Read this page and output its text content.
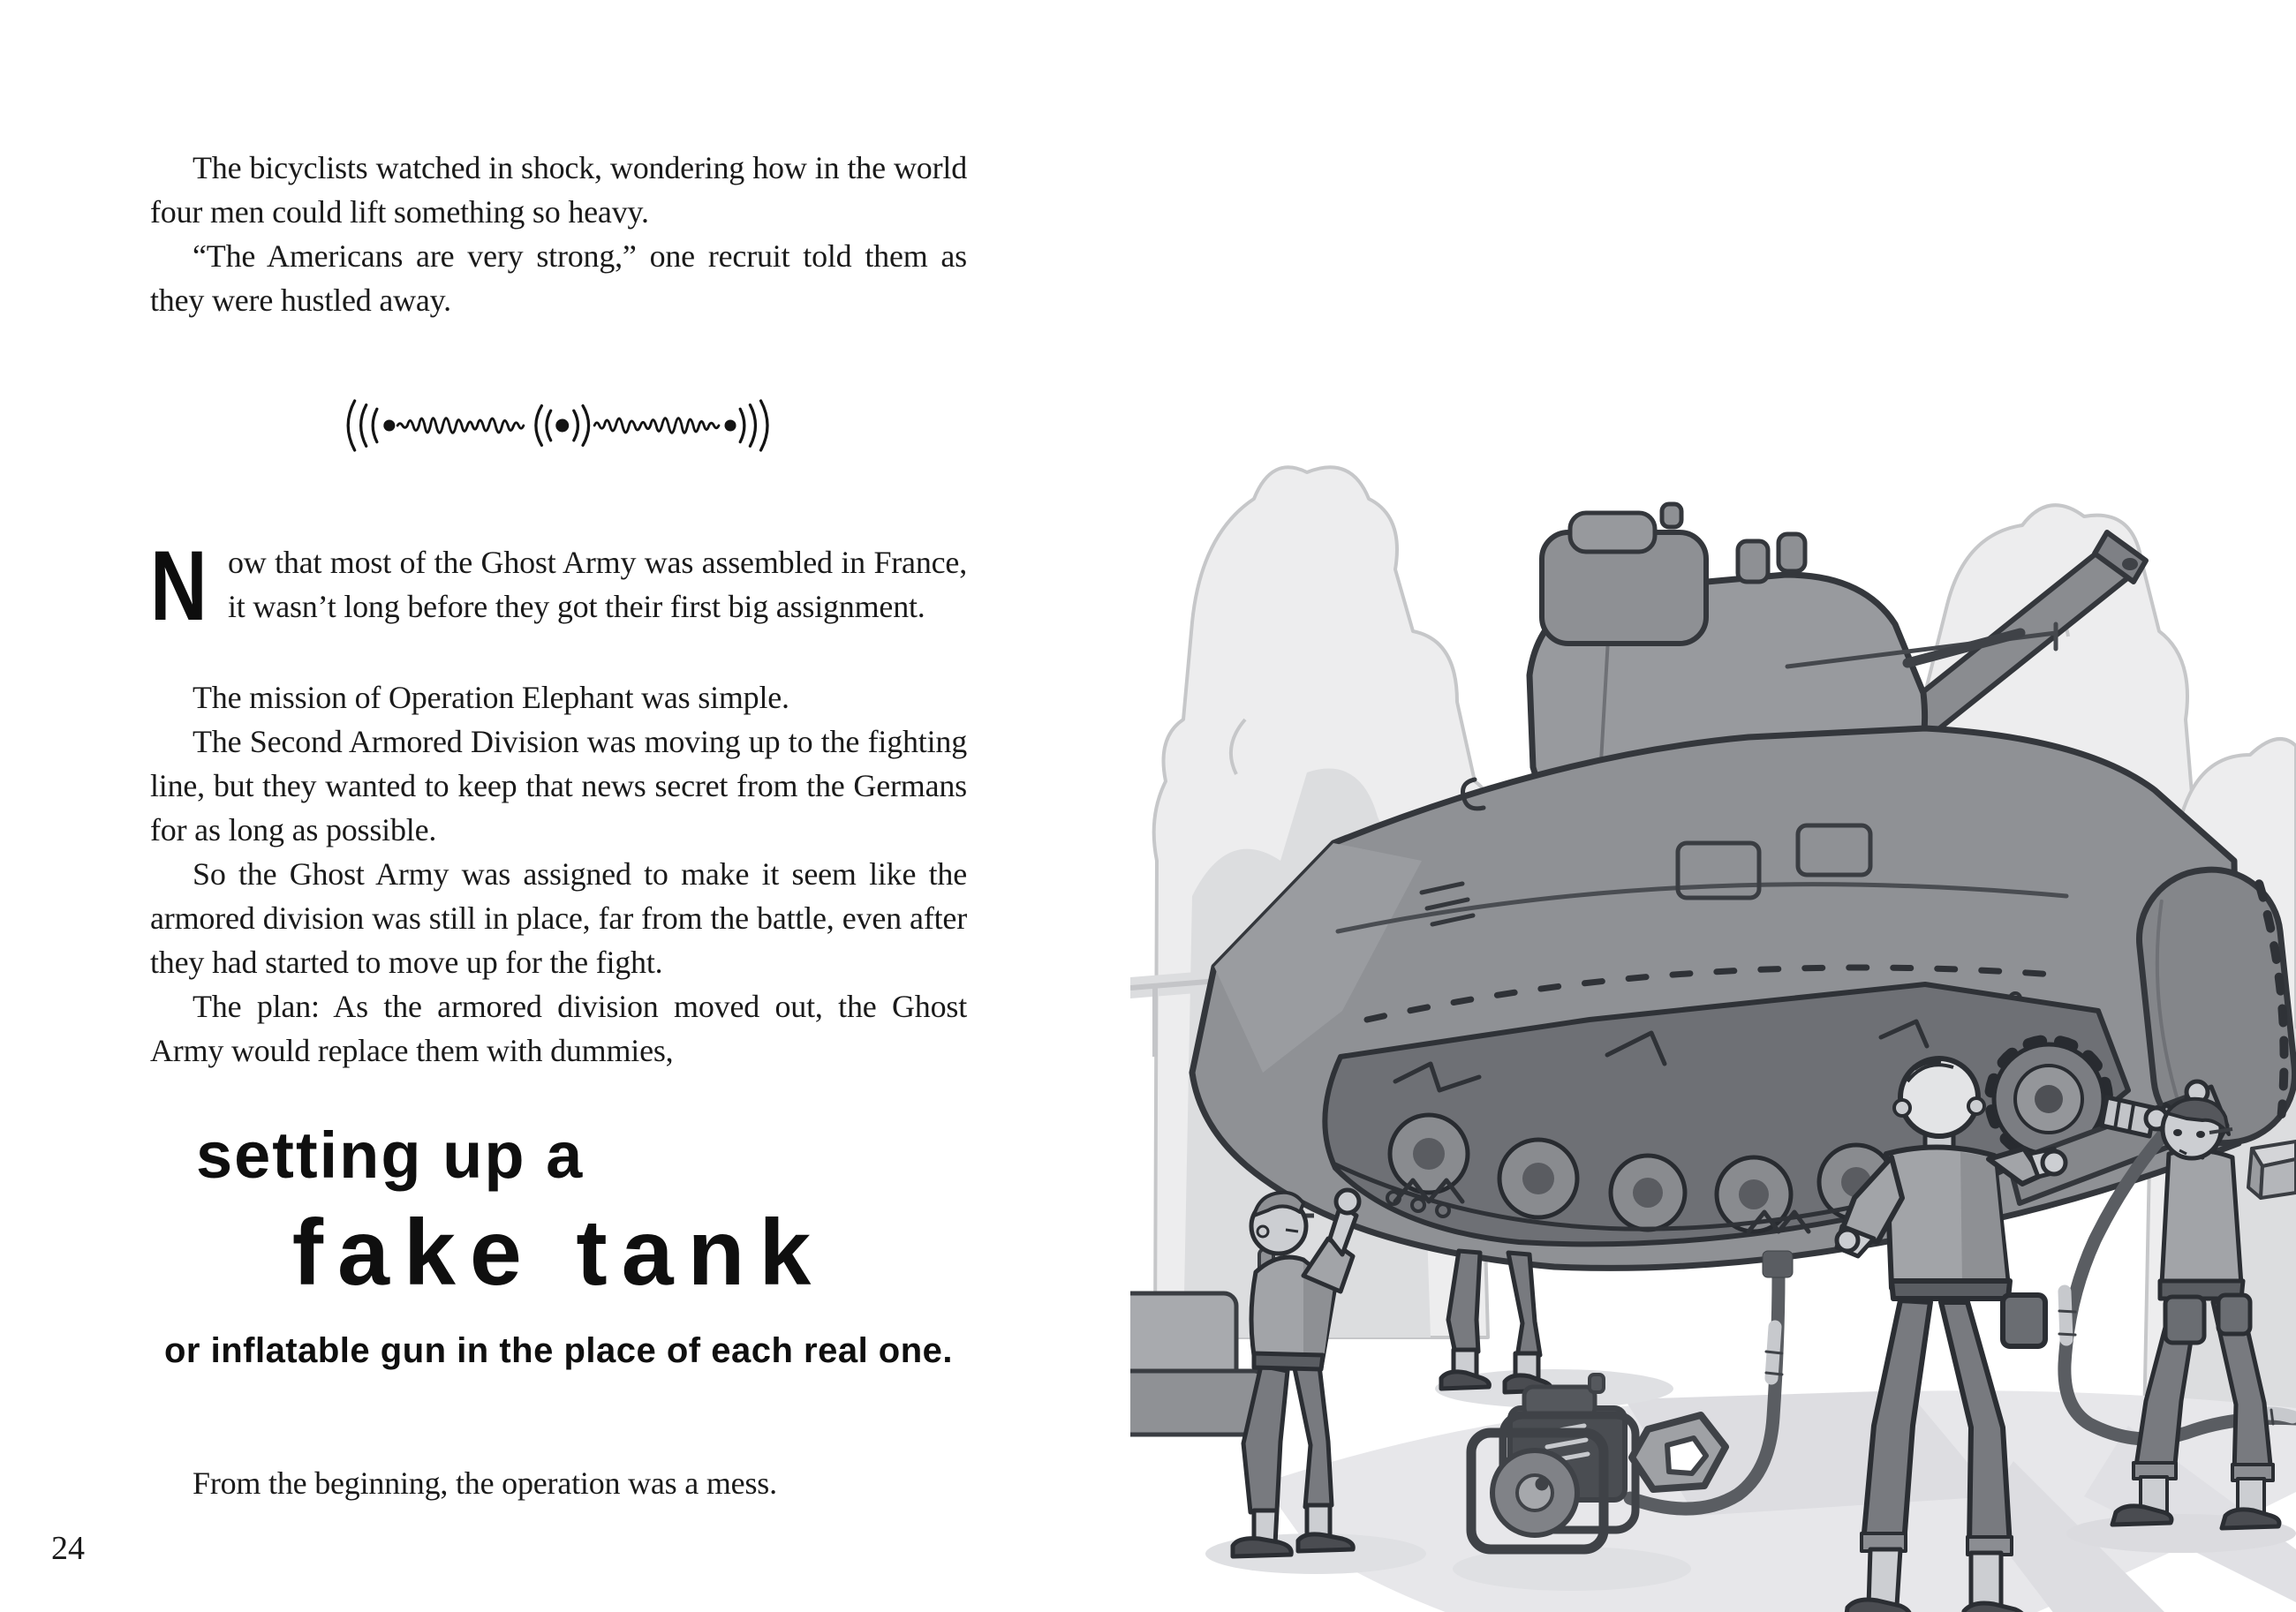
The bicyclists watched in shock, wondering how in the world four men could lift something so heavy.

“The Americans are very strong,” one recruit told them as they were hustled away.

Now that most of the Ghost Army was assembled in France, it wasn’t long before they got their first big assignment.

The mission of Operation Elephant was simple.

The Second Armored Division was moving up to the fighting line, but they wanted to keep that news secret from the Germans for as long as possible.

So the Ghost Army was assigned to make it seem like the armored division was still in place, far from the battle, even after they had started to move up for the fight.

The plan: As the armored division moved out, the Ghost Army would replace them with dummies,

setting up a
fake tank
or inflatable gun in the place of each real one.

From the beginning, the operation was a mess.

24
